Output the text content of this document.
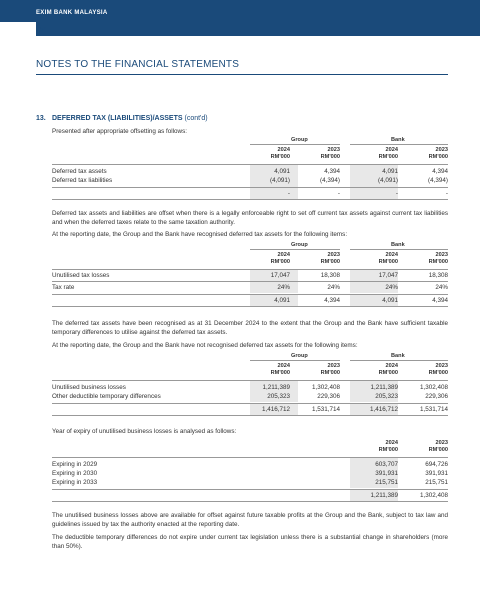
EXIM BANK MALAYSIA
154
NOTES TO THE FINANCIAL STATEMENTS
13. DEFERRED TAX (LIABILITIES)/ASSETS (cont'd)
Presented after appropriate offsetting as follows:
Group	Bank
2024
RM'000
2023
RM'000
2024
RM'000
2023
RM'000
Deferred tax assets	4,091	4,394	4,091	4,394
Deferred tax liabilities	(4,091)	(4,394)	(4,091)	(4,394)
-	-	-	-
Deferred tax assets and liabilities are offset when there is a legally enforceable right to set off current tax assets against current tax liabilities and when the deferred taxes relate to the same taxation authority.
At the reporting date, the Group and the Bank have recognised deferred tax assets for the following items:
Group	Bank
2024
RM'000
2023
RM'000
2024
RM'000
2023
RM'000
Unutilised tax losses	17,047	18,308	17,047	18,308
Tax rate	24%	24%	24%	24%
4,091	4,394	4,091	4,394
The deferred tax assets have been recognised as at 31 December 2024 to the extent that the Group and the Bank have sufficient taxable temporary differences to utilise against the deferred tax assets.
At the reporting date, the Group and the Bank have not recognised deferred tax assets for the following items:
Group	Bank
2024
RM'000
2023
RM'000
2024
RM'000
2023
RM'000
Unutilised business losses	1,211,389	1,302,408	1,211,389	1,302,408
Other deductible temporary differences	205,323	229,306	205,323	229,306
1,416,712	1,531,714	1,416,712	1,531,714
Year of expiry of unutilised business losses is analysed as follows:
2024
RM'000
2023
RM'000
Expiring in 2029	603,707	694,726
Expiring in 2030	391,931	391,931
Expiring in 2033	215,751	215,751
1,211,389	1,302,408
The unutilised business losses above are available for offset against future taxable profits at the Group and the Bank, subject to tax law and guidelines issued by tax the authority enacted at the reporting date.
The deductible temporary differences do not expire under current tax legislation unless there is a substantial change in shareholders (more than 50%).
